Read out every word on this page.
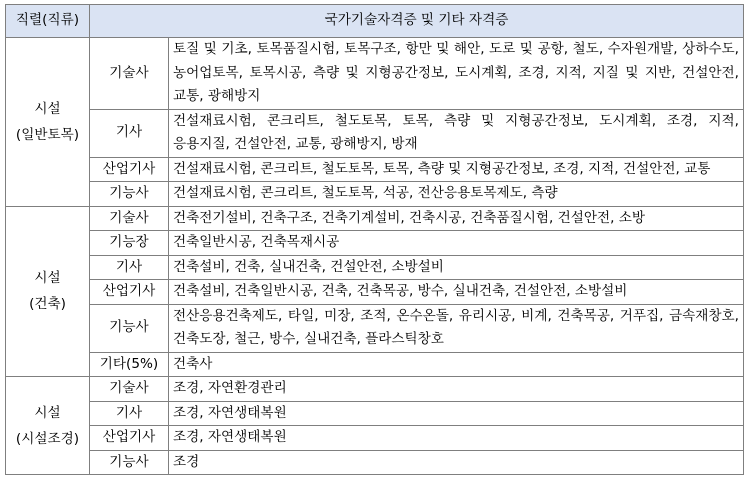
직렬(직류)	국가기술자격증 및 기타 자격증	

시설
(일반토목)	기술사	토질 및 기초, 토목품질시험, 토목구조, 항만 및 해안, 도로 및 공항, 철도, 수자원개발, 상하수도, 농어업토목, 토목시공, 측량 및 지형공간정보, 도시계획, 조경, 지적, 지질 및 지반, 건설안전, 교통, 광해방지
	기사	건설재료시험, 콘크리트, 철도토목, 토목, 측량 및 지형공간정보, 도시계획, 조경, 지적, 응용지질, 건설안전, 교통, 광해방지, 방재
	산업기사	건설재료시험, 콘크리트, 철도토목, 토목, 측량 및 지형공간정보, 조경, 지적, 건설안전, 교통
	기능사	건설재료시험, 콘크리트, 철도토목, 석공, 전산응용토목제도, 측량

시설
(건축)	기술사	건축전기설비, 건축구조, 건축기계설비, 건축시공, 건축품질시험, 건설안전, 소방
	기능장	건축일반시공, 건축목재시공
	기사	건축설비, 건축, 실내건축, 건설안전, 소방설비
	산업기사	건축설비, 건축일반시공, 건축, 건축목공, 방수, 실내건축, 건설안전, 소방설비
	기능사	전산응용건축제도, 타일, 미장, 조적, 온수온돌, 유리시공, 비계, 건축목공, 거푸집, 금속재창호, 건축도장, 철근, 방수, 실내건축, 플라스틱창호
	기타(5%)	건축사

시설
(시설조경)	기술사	조경, 자연환경관리
	기사	조경, 자연생태복원
	산업기사	조경, 자연생태복원
	기능사	조경
